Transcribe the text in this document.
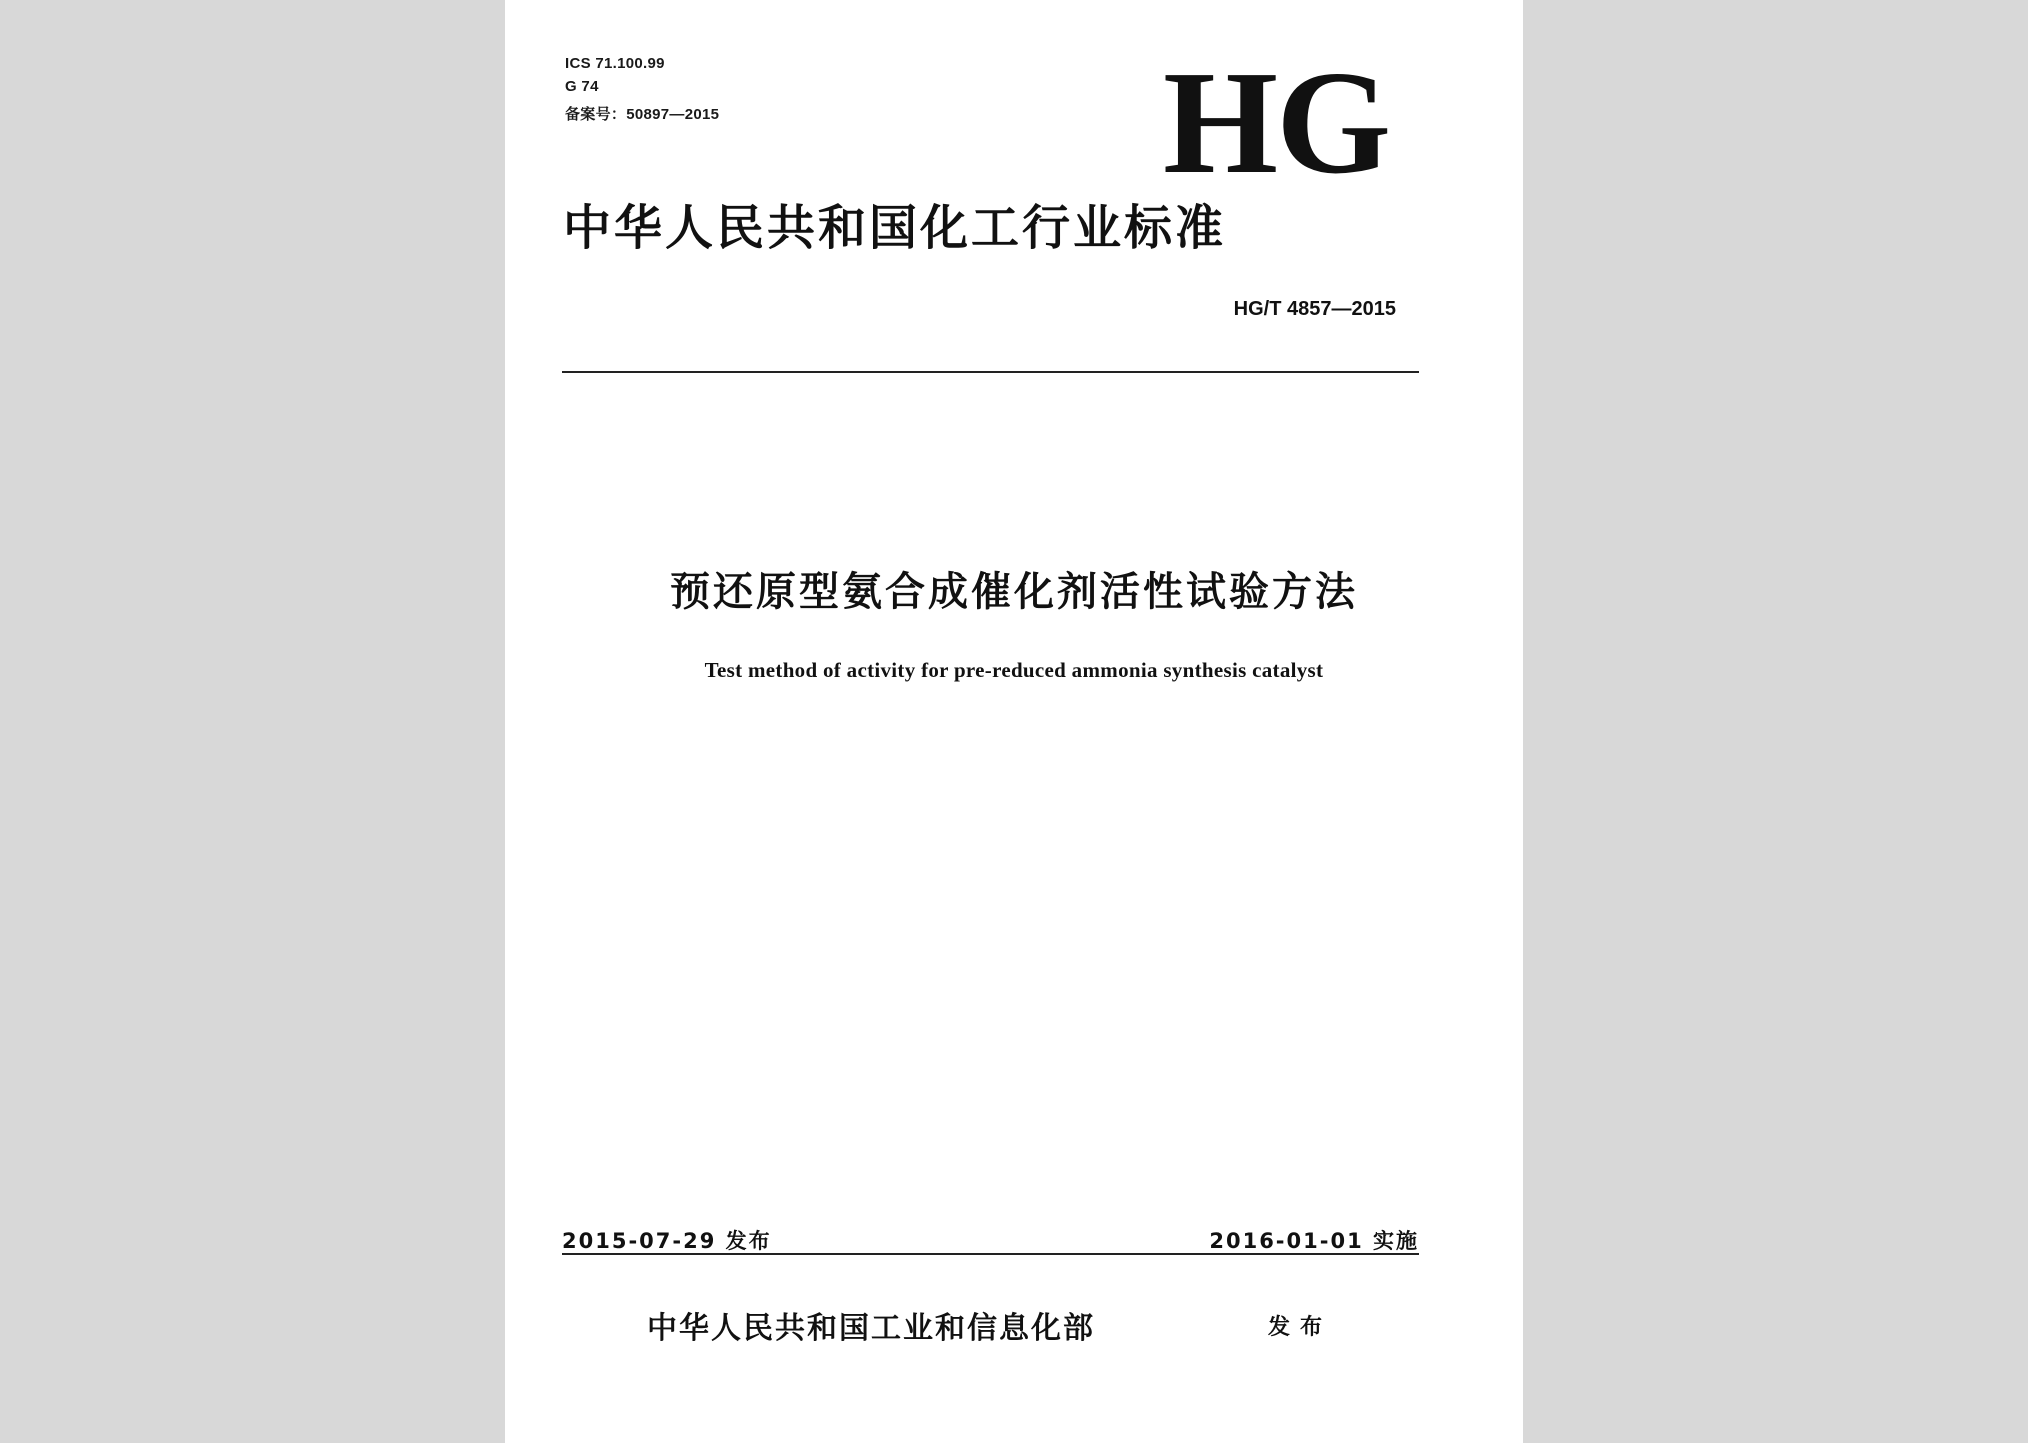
ICS 71.100.99
G 74
备案号：50897—2015	HG
中华人民共和国化工行业标准
HG/T 4857—2015
预还原型氨合成催化剂活性试验方法
Test method of activity for pre-reduced ammonia synthesis catalyst
2015-07-29 发布	2016-01-01 实施
中华人民共和国工业和信息化部	发布
